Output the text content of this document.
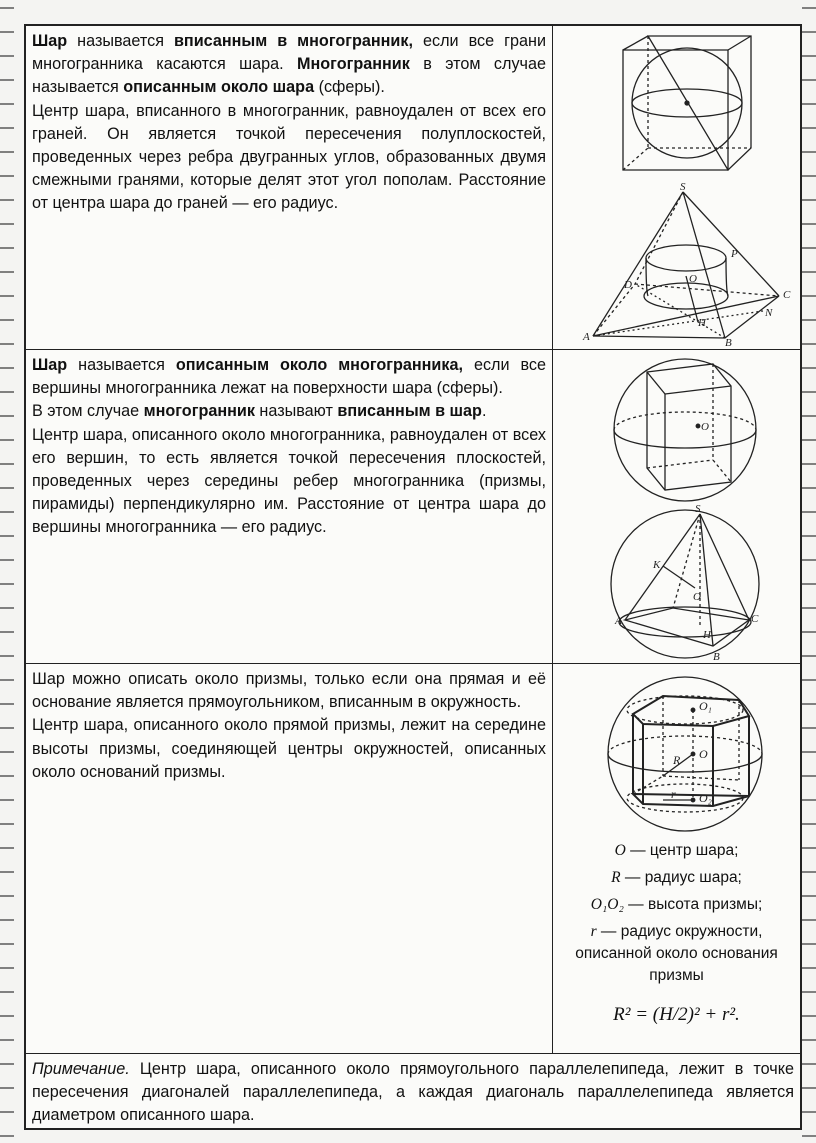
Шар называется вписанным в многогранник, если все грани многогранника касаются шара. Многогранник в этом случае называется описанным около шара (сферы).

Центр шара, вписанного в многогранник, равноудален от всех его граней. Он является точкой пересечения полуплоскостей, проведенных через ребра двугранных углов, образованных двумя смежными гранями, которые делят этот угол пополам. Расстояние от центра шара до граней — его радиус.

S
O
D
P
C
N
H
A	B

Шар называется описанным около многогранника, если все вершины многогранника лежат на поверхности шара (сферы).

В этом случае многогранник называют вписанным в шар.

Центр шара, описанного около многогранника, равноудален от всех его вершин, то есть является точкой пересечения плоскостей, проведенных через середины ребер многогранника (призмы, пирамиды) перпендикулярно им. Расстояние от центра шара до вершины многогранника — его радиус.

O
S
K
O
A	C
H
B

Шар можно описать около призмы, только если она прямая и её основание является прямоугольником, вписанным в окружность.

Центр шара, описанного около прямой призмы, лежит на середине высоты призмы, соединяющей центры окружностей, описанных около оснований призмы.

O₁
R O
r O₂
O — центр шара;
R — радиус шара;
O₁O₂ — высота призмы;
r — радиус окружности, описанной около основания призмы
R² = (H/2)² + r².
Примечание. Центр шара, описанного около прямоугольного параллелепипеда, лежит в точке пересечения диагоналей параллелепипеда, а каждая диагональ параллелепипеда является диаметром описанного шара.
